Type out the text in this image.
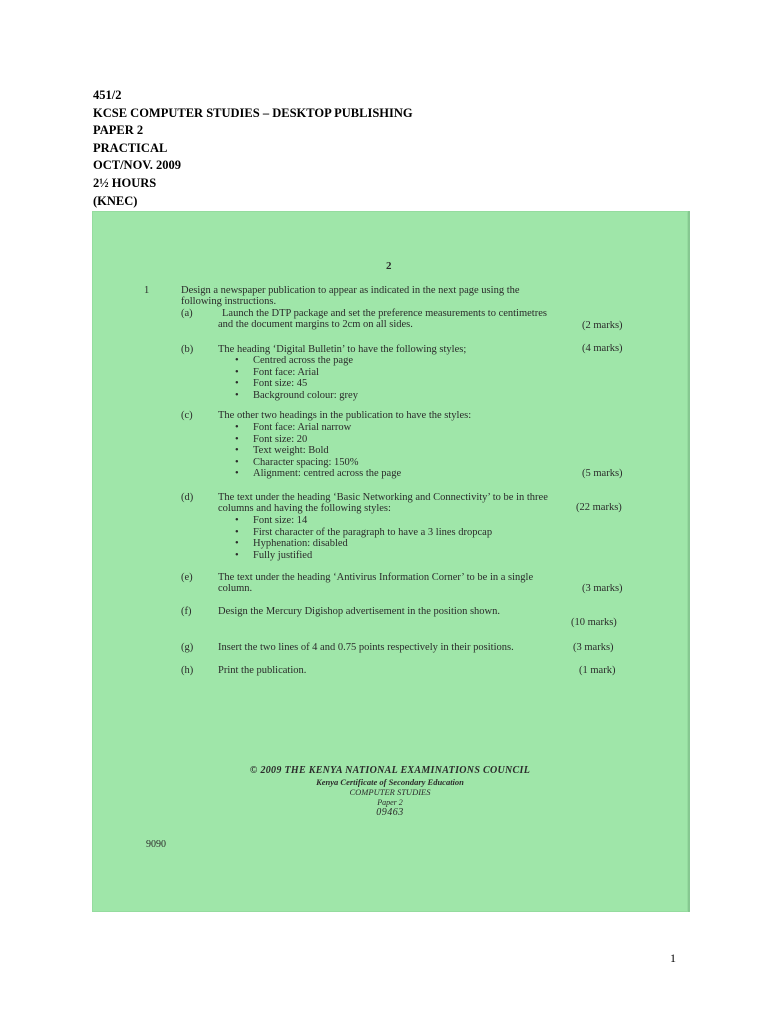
451/2
KCSE COMPUTER STUDIES – DESKTOP PUBLISHING
PAPER 2
PRACTICAL
OCT/NOV. 2009
2½ HOURS
(KNEC)
2
1	Design a newspaper publication to appear as indicated in the next page using the
following instructions.
(a)	Launch the DTP package and set the preference measurements to centimetres
and the document margins to 2cm on all sides.	(2 marks)
(b) The heading ‘Digital Bulletin’ to have the following styles;	(4 marks)
• Centred across the page
• Font face: Arial
• Font size: 45
• Background colour: grey
(c) The other two headings in the publication to have the styles:
• Font face: Arial narrow
• Font size: 20
• Text weight: Bold
• Character spacing: 150%
• Alignment: centred across the page	(5 marks)
(d) The text under the heading ‘Basic Networking and Connectivity’ to be in three
columns and having the following styles:	(22 marks)
• Font size: 14
• First character of the paragraph to have a 3 lines dropcap
• Hyphenation: disabled
• Fully justified
(e) The text under the heading ‘Antivirus Information Corner’ to be in a single
column.	(3 marks)
(f)	Design the Mercury Digishop advertisement in the position shown.
(10 marks)
(g) Insert the two lines of 4 and 0.75 points respectively in their positions.	(3 marks)
(h) Print the publication.	(1 mark)
© 2009 THE KENYA NATIONAL EXAMINATIONS COUNCIL
Kenya Certificate of Secondary Education
COMPUTER STUDIES
Paper 2
09463
9090
1
